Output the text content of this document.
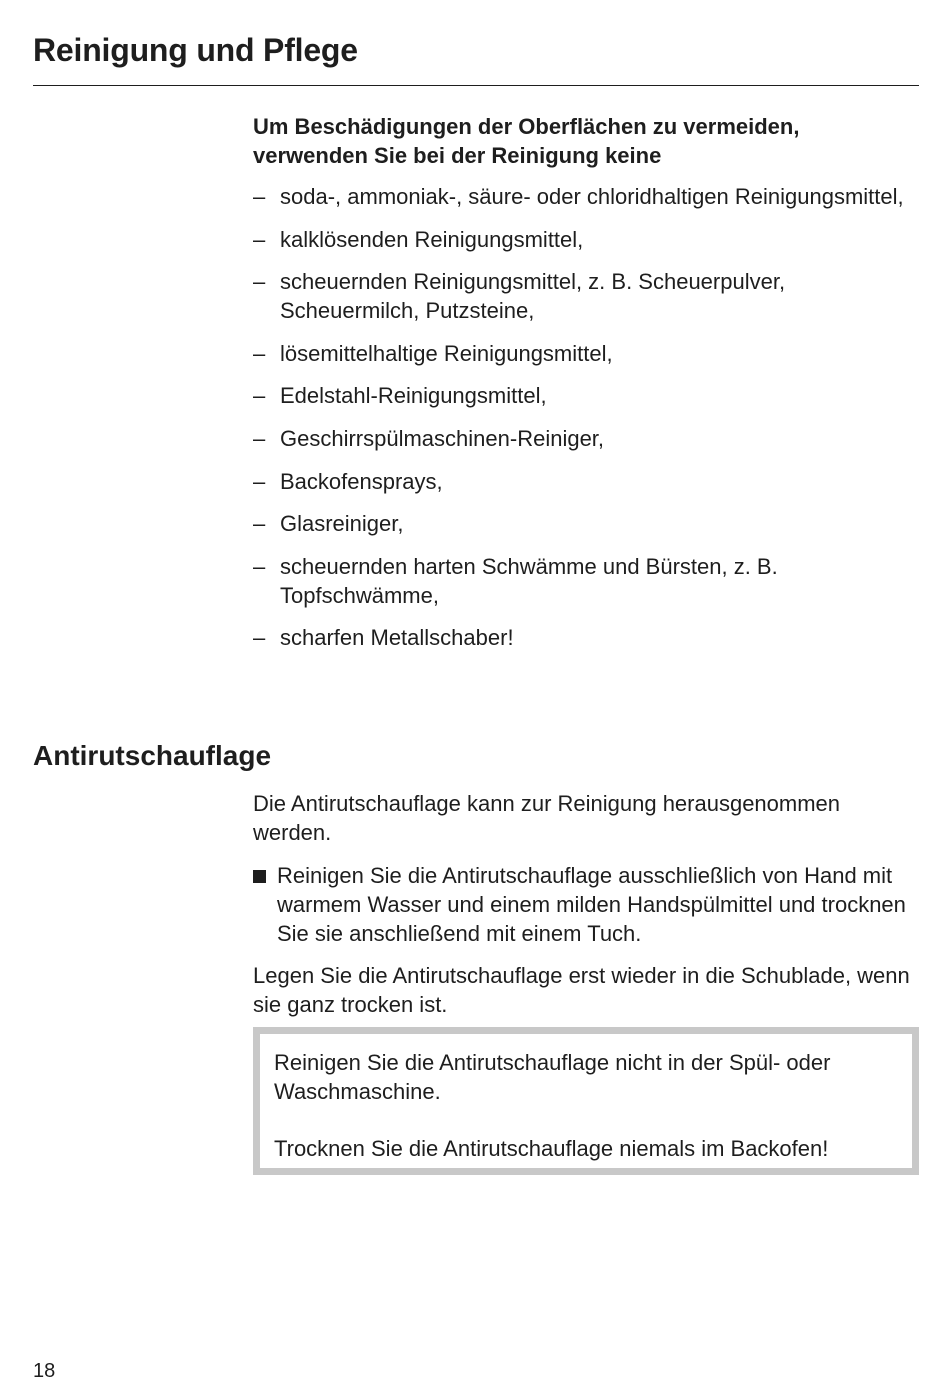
Reinigung und Pflege

Um Beschädigungen der Oberflächen zu vermeiden, verwenden Sie bei der Reinigung keine

– soda-, ammoniak-, säure- oder chloridhaltigen Reinigungsmittel,
– kalklösenden Reinigungsmittel,
– scheuernden Reinigungsmittel, z. B. Scheuerpulver, Scheuermilch, Putzsteine,
– lösemittelhaltige Reinigungsmittel,
– Edelstahl-Reinigungsmittel,
– Geschirrspülmaschinen-Reiniger,
– Backofensprays,
– Glasreiniger,
– scheuernden harten Schwämme und Bürsten, z. B. Topfschwämme,
– scharfen Metallschaber!
Antirutschauflage

Die Antirutschauflage kann zur Reinigung herausgenommen werden.

Reinigen Sie die Antirutschauflage ausschließlich von Hand mit warmem Wasser und einem milden Handspülmittel und trocknen Sie sie anschließend mit einem Tuch.

Legen Sie die Antirutschauflage erst wieder in die Schublade, wenn sie ganz trocken ist.

Reinigen Sie die Antirutschauflage nicht in der Spül- oder Waschmaschine.

Trocknen Sie die Antirutschauflage niemals im Backofen!

18
